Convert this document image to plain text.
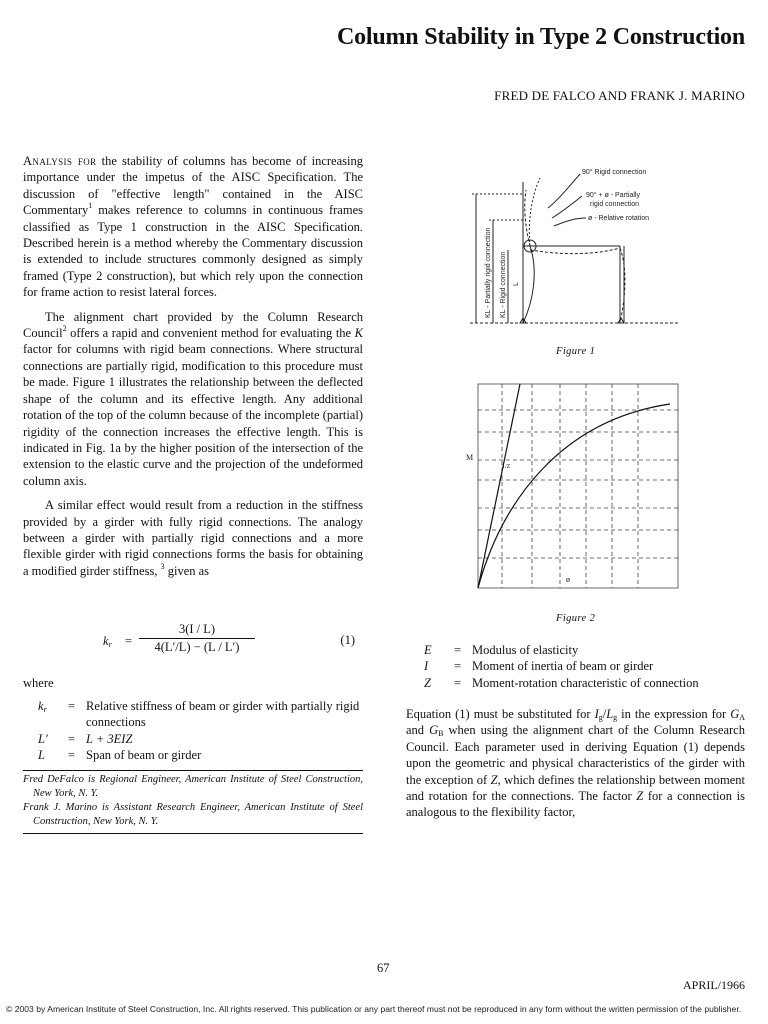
Column Stability in Type 2 Construction
FRED DE FALCO AND FRANK J. MARINO

Analysis for the stability of columns has become of increasing importance under the impetus of the AISC Specification. The discussion of "effective length" contained in the AISC Commentary$^1$ makes reference to columns in continuous frames classified as Type 1 construction in the AISC Specification. Described herein is a method whereby the Commentary discussion is extended to include structures commonly designed as simply framed (Type 2 construction), but which rely upon the connection for frame action to resist lateral forces.

The alignment chart provided by the Column Research Council$^2$ offers a rapid and convenient method for evaluating the K factor for columns with rigid beam connections. Where structural connections are partially rigid, modification to this procedure must be made. Figure 1 illustrates the relationship between the deflected shape of the column and its effective length. Any additional rotation of the top of the column because of the incomplete (partial) rigidity of the connection increases the effective length. This is indicated in Fig. 1a by the higher position of the intersection of the extension to the elastic curve and the projection of the undeformed column axis.

A similar effect would result from a reduction in the stiffness provided by a girder with fully rigid connections. The analogy between a girder with partially rigid connections and a more flexible girder with rigid connections forms the basis for obtaining a modified girder stiffness, $^3$ given as

$k_r = \frac{3(I / L)}{4(L'/L) - (L / L')}$	(1)
where
$k_r$	= Relative stiffness of beam or girder with partially rigid connections
L′	= L + 3EIZ
L	= Span of beam or girder

Fred DeFalco is Regional Engineer, American Institute of Steel Construction, New York, N. Y.

Frank J. Marino is Assistant Research Engineer, American Institute of Steel Construction, New York, N. Y.

90° Rigid connection
90° + ø - Partially
rigid connection
ø - Relative rotation
KL - Partially rigid connection KL - Rigid connection L
Figure 1
M
ø
1/Z
Figure 2
E	= Modulus of elasticity
I	= Moment of inertia of beam or girder
Z	= Moment-rotation characteristic of connection

Equation (1) must be substituted for $I_g/L_g$ in the expression for $G_A$ and $G_B$ when using the alignment chart of the Column Research Council. Each parameter used in deriving Equation (1) depends upon the geometric and physical characteristics of the girder with the exception of Z, which defines the relationship between moment and rotation for the connections. The factor Z for a connection is analogous to the flexibility factor,

67
APRIL/1966
© 2003 by American Institute of Steel Construction, Inc. All rights reserved. This publication or any part thereof must not be reproduced in any form without the written permission of the publisher.
